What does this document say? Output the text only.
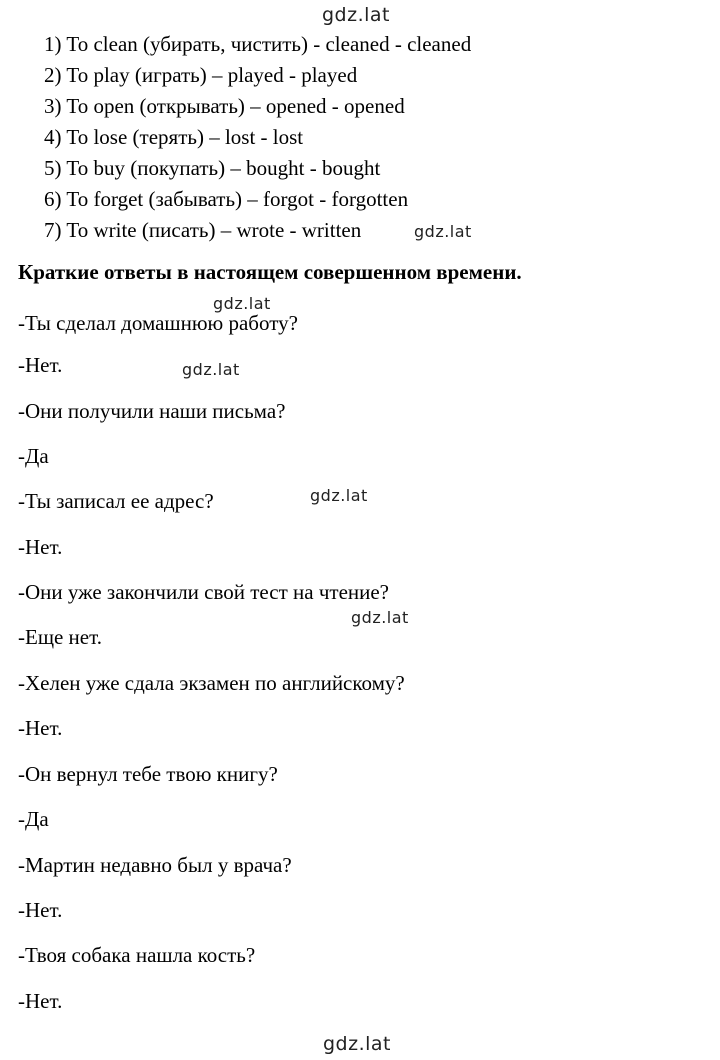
gdz.lat
1) To clean (убирать, чистить) - cleaned - cleaned
2) To play (играть) – played - played
3) To open (открывать) – opened - opened
4) To lose (терять) – lost - lost
5) To buy (покупать) – bought - bought
6) To forget (забывать) – forgot - forgotten
7) To write (писать) – wrote - written	gdz.lat
Краткие ответы в настоящем совершенном времени.
gdz.lat
-Ты сделал домашнюю работу?
-Нет.	gdz.lat
-Они получили наши письма?
-Да
-Ты записал ее адрес?	gdz.lat
-Нет.
-Они уже закончили свой тест на чтение?
gdz.lat
-Еще нет.
-Хелен уже сдала экзамен по английскому?
-Нет.
-Он вернул тебе твою книгу?
-Да
-Мартин недавно был у врача?
-Нет.
-Твоя собака нашла кость?
-Нет.
gdz.lat
